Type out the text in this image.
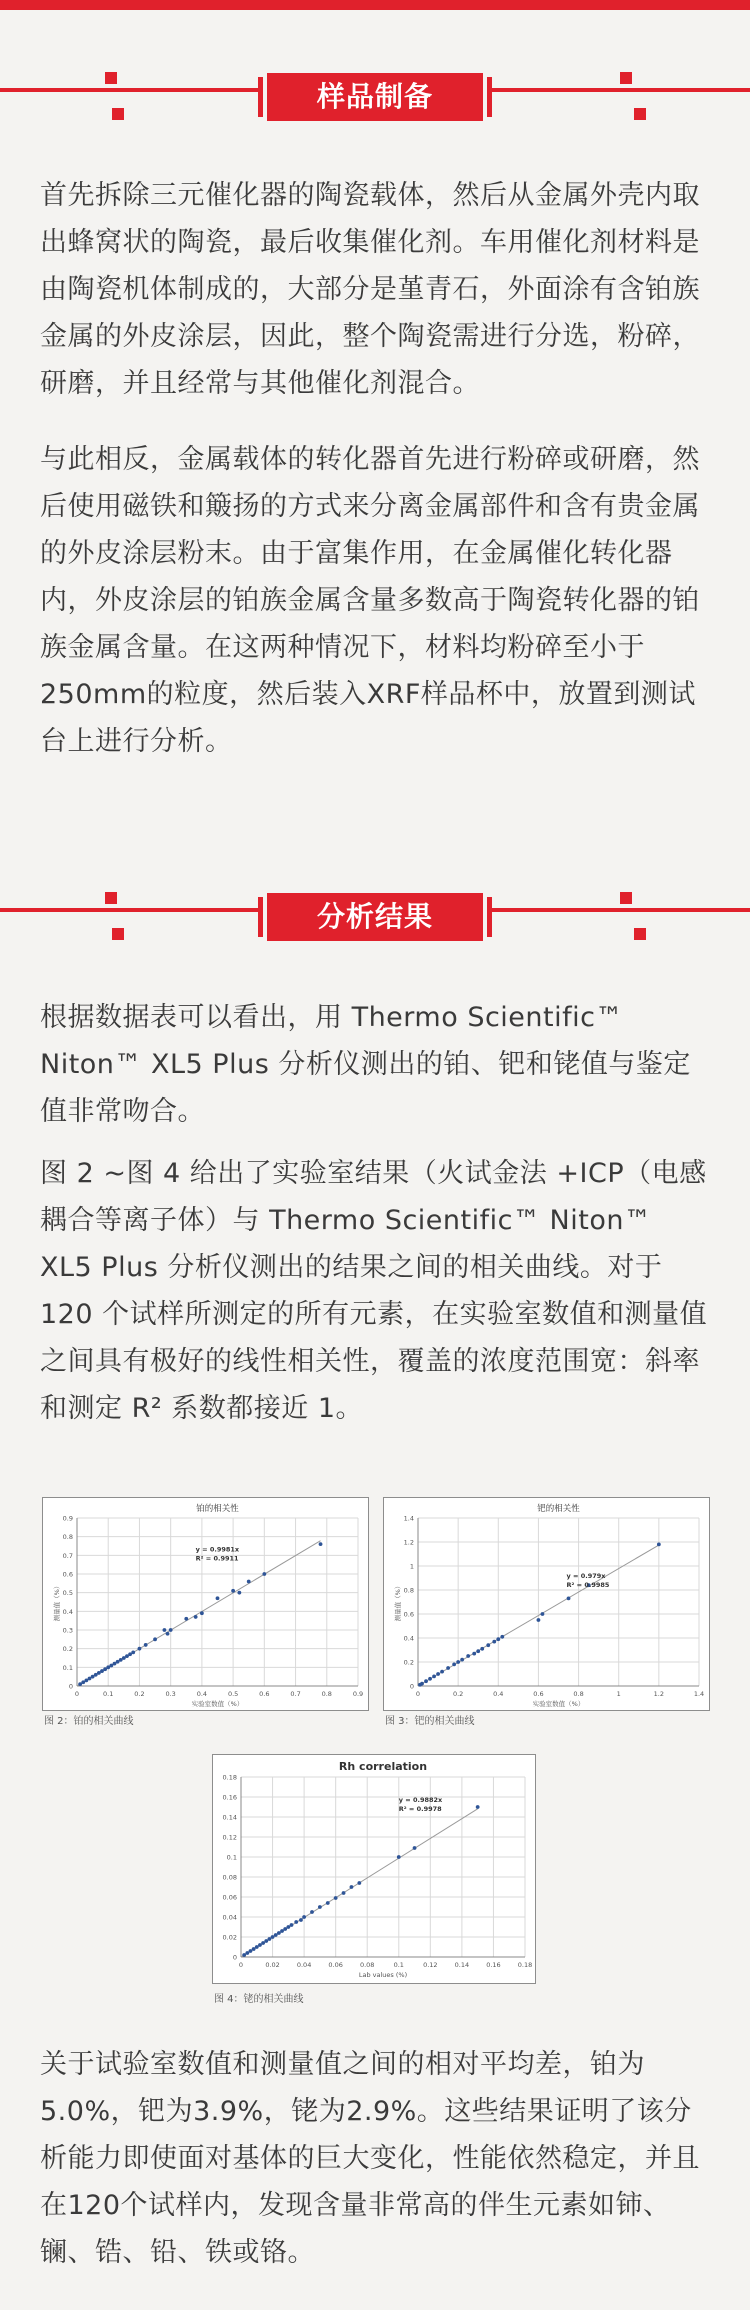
样品制备
首先拆除三元催化器的陶瓷载体，然后从金属外壳内取出蜂窝状的陶瓷，最后收集催化剂。车用催化剂材料是由陶瓷机体制成的，大部分是堇青石，外面涂有含铂族金属的外皮涂层，因此，整个陶瓷需进行分选，粉碎，研磨，并且经常与其他催化剂混合。
与此相反，金属载体的转化器首先进行粉碎或研磨，然后使用磁铁和簸扬的方式来分离金属部件和含有贵金属的外皮涂层粉末。由于富集作用，在金属催化转化器内，外皮涂层的铂族金属含量多数高于陶瓷转化器的铂族金属含量。在这两种情况下，材料均粉碎至小于250mm的粒度，然后装入XRF样品杯中，放置到测试台上进行分析。
分析结果
根据数据表可以看出，用 Thermo Scientific™ Niton™ XL5 Plus 分析仪测出的铂、钯和铑值与鉴定值非常吻合。
图 2 ~图 4 给出了实验室结果（火试金法 +ICP（电感耦合等离子体）与 Thermo Scientific™ Niton™ XL5 Plus 分析仪测出的结果之间的相关曲线。对于 120 个试样所测定的所有元素，在实验室数值和测量值之间具有极好的线性相关性，覆盖的浓度范围宽：斜率和测定 R² 系数都接近 1。
铂的相关性
0
0.1
0.2
0.3
0.4
0.5
0.6
0.7
0.8
0.9
0	0.1	0.2	0.3	0.4	0.5	0.6	0.7	0.8	0.9
实验室数值（%）
测量值（%）
y = 0.9981x
R² = 0.9911
图 2：铂的相关曲线
钯的相关性
0
0.2
0.4
0.6
0.8
1
1.2
1.4
0	0.2	0.4	0.6	0.8	1	1.2	1.4
实验室数值（%）
测量值（%）
y = 0.979x
R² = 0.9985
图 3：钯的相关曲线
Rh correlation
0
0.02
0.04
0.06
0.08
0.1
0.12
0.14
0.16
0.18
0	0.02	0.04	0.06	0.08	0.1	0.12	0.14	0.16	0.18
Lab values (%)
y = 0.9882x
R² = 0.9978
图 4：铑的相关曲线
关于试验室数值和测量值之间的相对平均差，铂为5.0%，钯为3.9%，铑为2.9%。这些结果证明了该分析能力即使面对基体的巨大变化，性能依然稳定，并且在120个试样内，发现含量非常高的伴生元素如铈、镧、锆、铅、铁或铬。
